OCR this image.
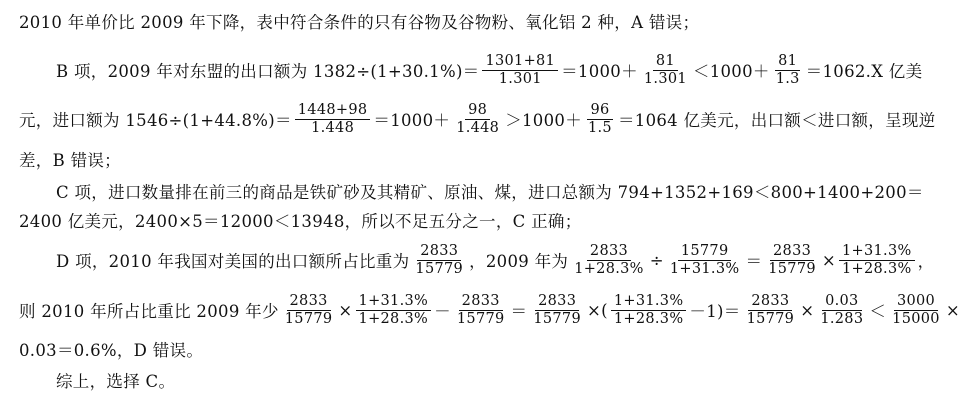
2010 年单价比 2009 年下降，表中符合条件的只有谷物及谷物粉、氧化铝 2 种，A 错误；
B 项，2009 年对东盟的出口额为 $1382\div(1+30.1\%)= \frac{1301+81}{1.301} =1000+ \frac{81}{1.301} <1000+ \frac{81}{1.3} =1062.X$ 亿美
元，进口额为 $1546\div(1+44.8\%)= \frac{1448+98}{1.448} =1000+ \frac{98}{1.448} >1000+ \frac{96}{1.5} =1064$ 亿美元，出口额＜进口额，呈现逆
差，B 错误；
C 项，进口数量排在前三的商品是铁矿砂及其精矿、原油、煤，进口总额为 794+1352+169＜800+1400+200＝
2400 亿美元，2400×5＝12000＜13948，所以不足五分之一，C 正确；
D 项，2010 年我国对美国的出口额所占比重为 $\frac{2833}{15779}$ ，2009 年为 $\frac{2833}{1+28.3\%} \div \frac{15779}{1+31.3\%} = \frac{2833}{15779} \times \frac{1+31.3\%}{1+28.3\%}$ ，
则 2010 年所占比重比 2009 年少 $\frac{2833}{15779} \times \frac{1+31.3\%}{1+28.3\%} - \frac{2833}{15779} = \frac{2833}{15779}$ ×( $\frac{1+31.3\%}{1+28.3\%} -1)= \frac{2833}{15779} \times \frac{0.03}{1.283} < \frac{3000}{15000}$ ×
0.03＝0.6%，D 错误。
综上，选择 C。
